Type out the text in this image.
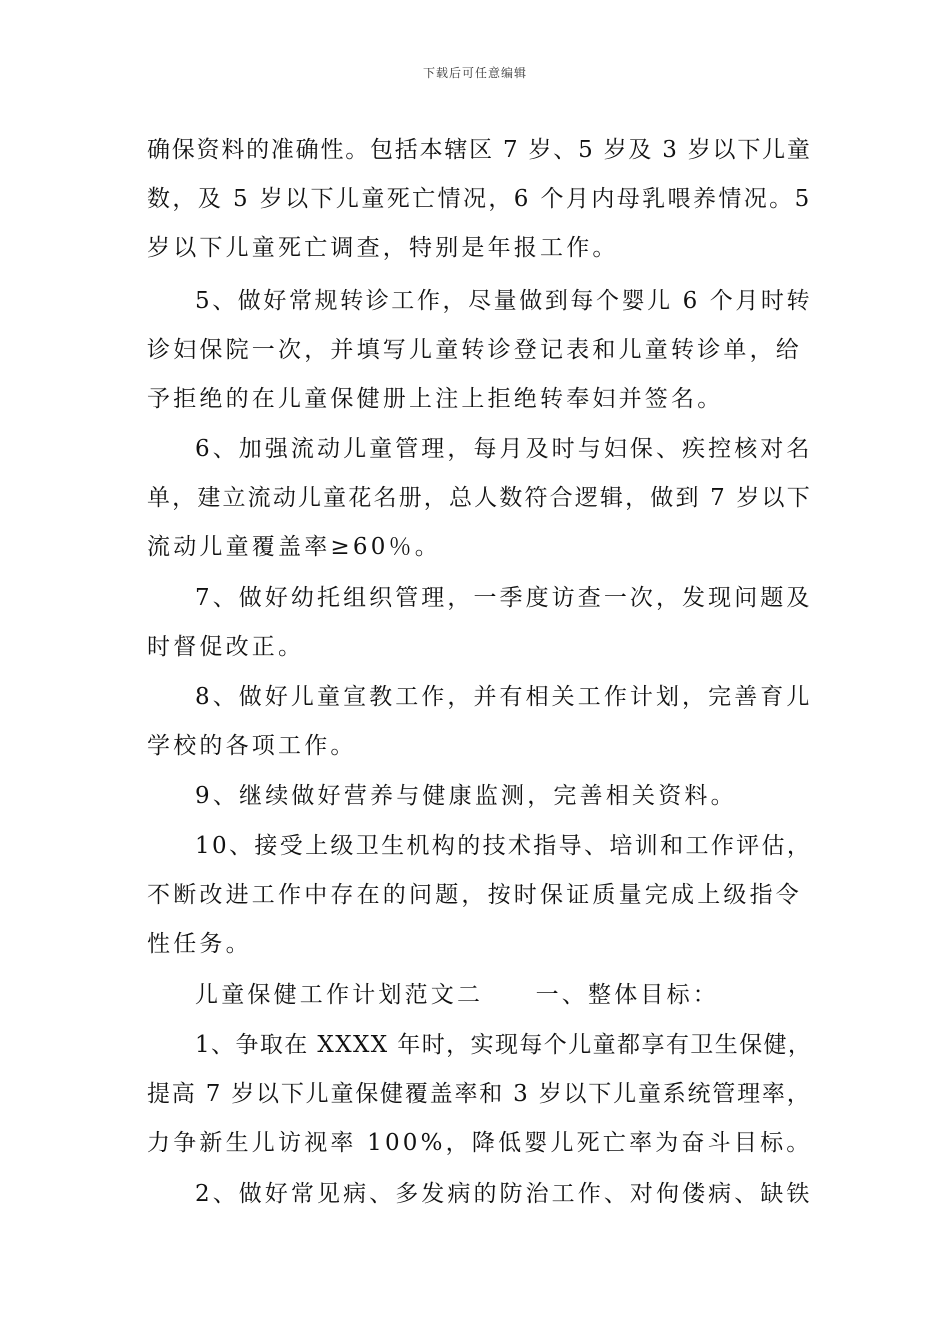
下载后可任意编辑
确保资料的准确性。包括本辖区 7 岁、5 岁及 3 岁以下儿童
数，及 5 岁以下儿童死亡情况，6 个月内母乳喂养情况。5
岁以下儿童死亡调查，特别是年报工作。
5、做好常规转诊工作，尽量做到每个婴儿 6 个月时转
诊妇保院一次，并填写儿童转诊登记表和儿童转诊单，给
予拒绝的在儿童保健册上注上拒绝转奉妇并签名。
6、加强流动儿童管理，每月及时与妇保、疾控核对名
单，建立流动儿童花名册，总人数符合逻辑，做到 7 岁以下
流动儿童覆盖率≥60％。
7、做好幼托组织管理，一季度访查一次，发现问题及
时督促改正。
8、做好儿童宣教工作，并有相关工作计划，完善育儿
学校的各项工作。
9、继续做好营养与健康监测，完善相关资料。
10、接受上级卫生机构的技术指导、培训和工作评估，
不断改进工作中存在的问题，按时保证质量完成上级指令
性任务。
儿童保健工作计划范文二　　一、整体目标：
1、争取在 XXXX 年时，实现每个儿童都享有卫生保健，
提高 7 岁以下儿童保健覆盖率和 3 岁以下儿童系统管理率，
力争新生儿访视率 100%，降低婴儿死亡率为奋斗目标。
2、做好常见病、多发病的防治工作、对佝偻病、缺铁
